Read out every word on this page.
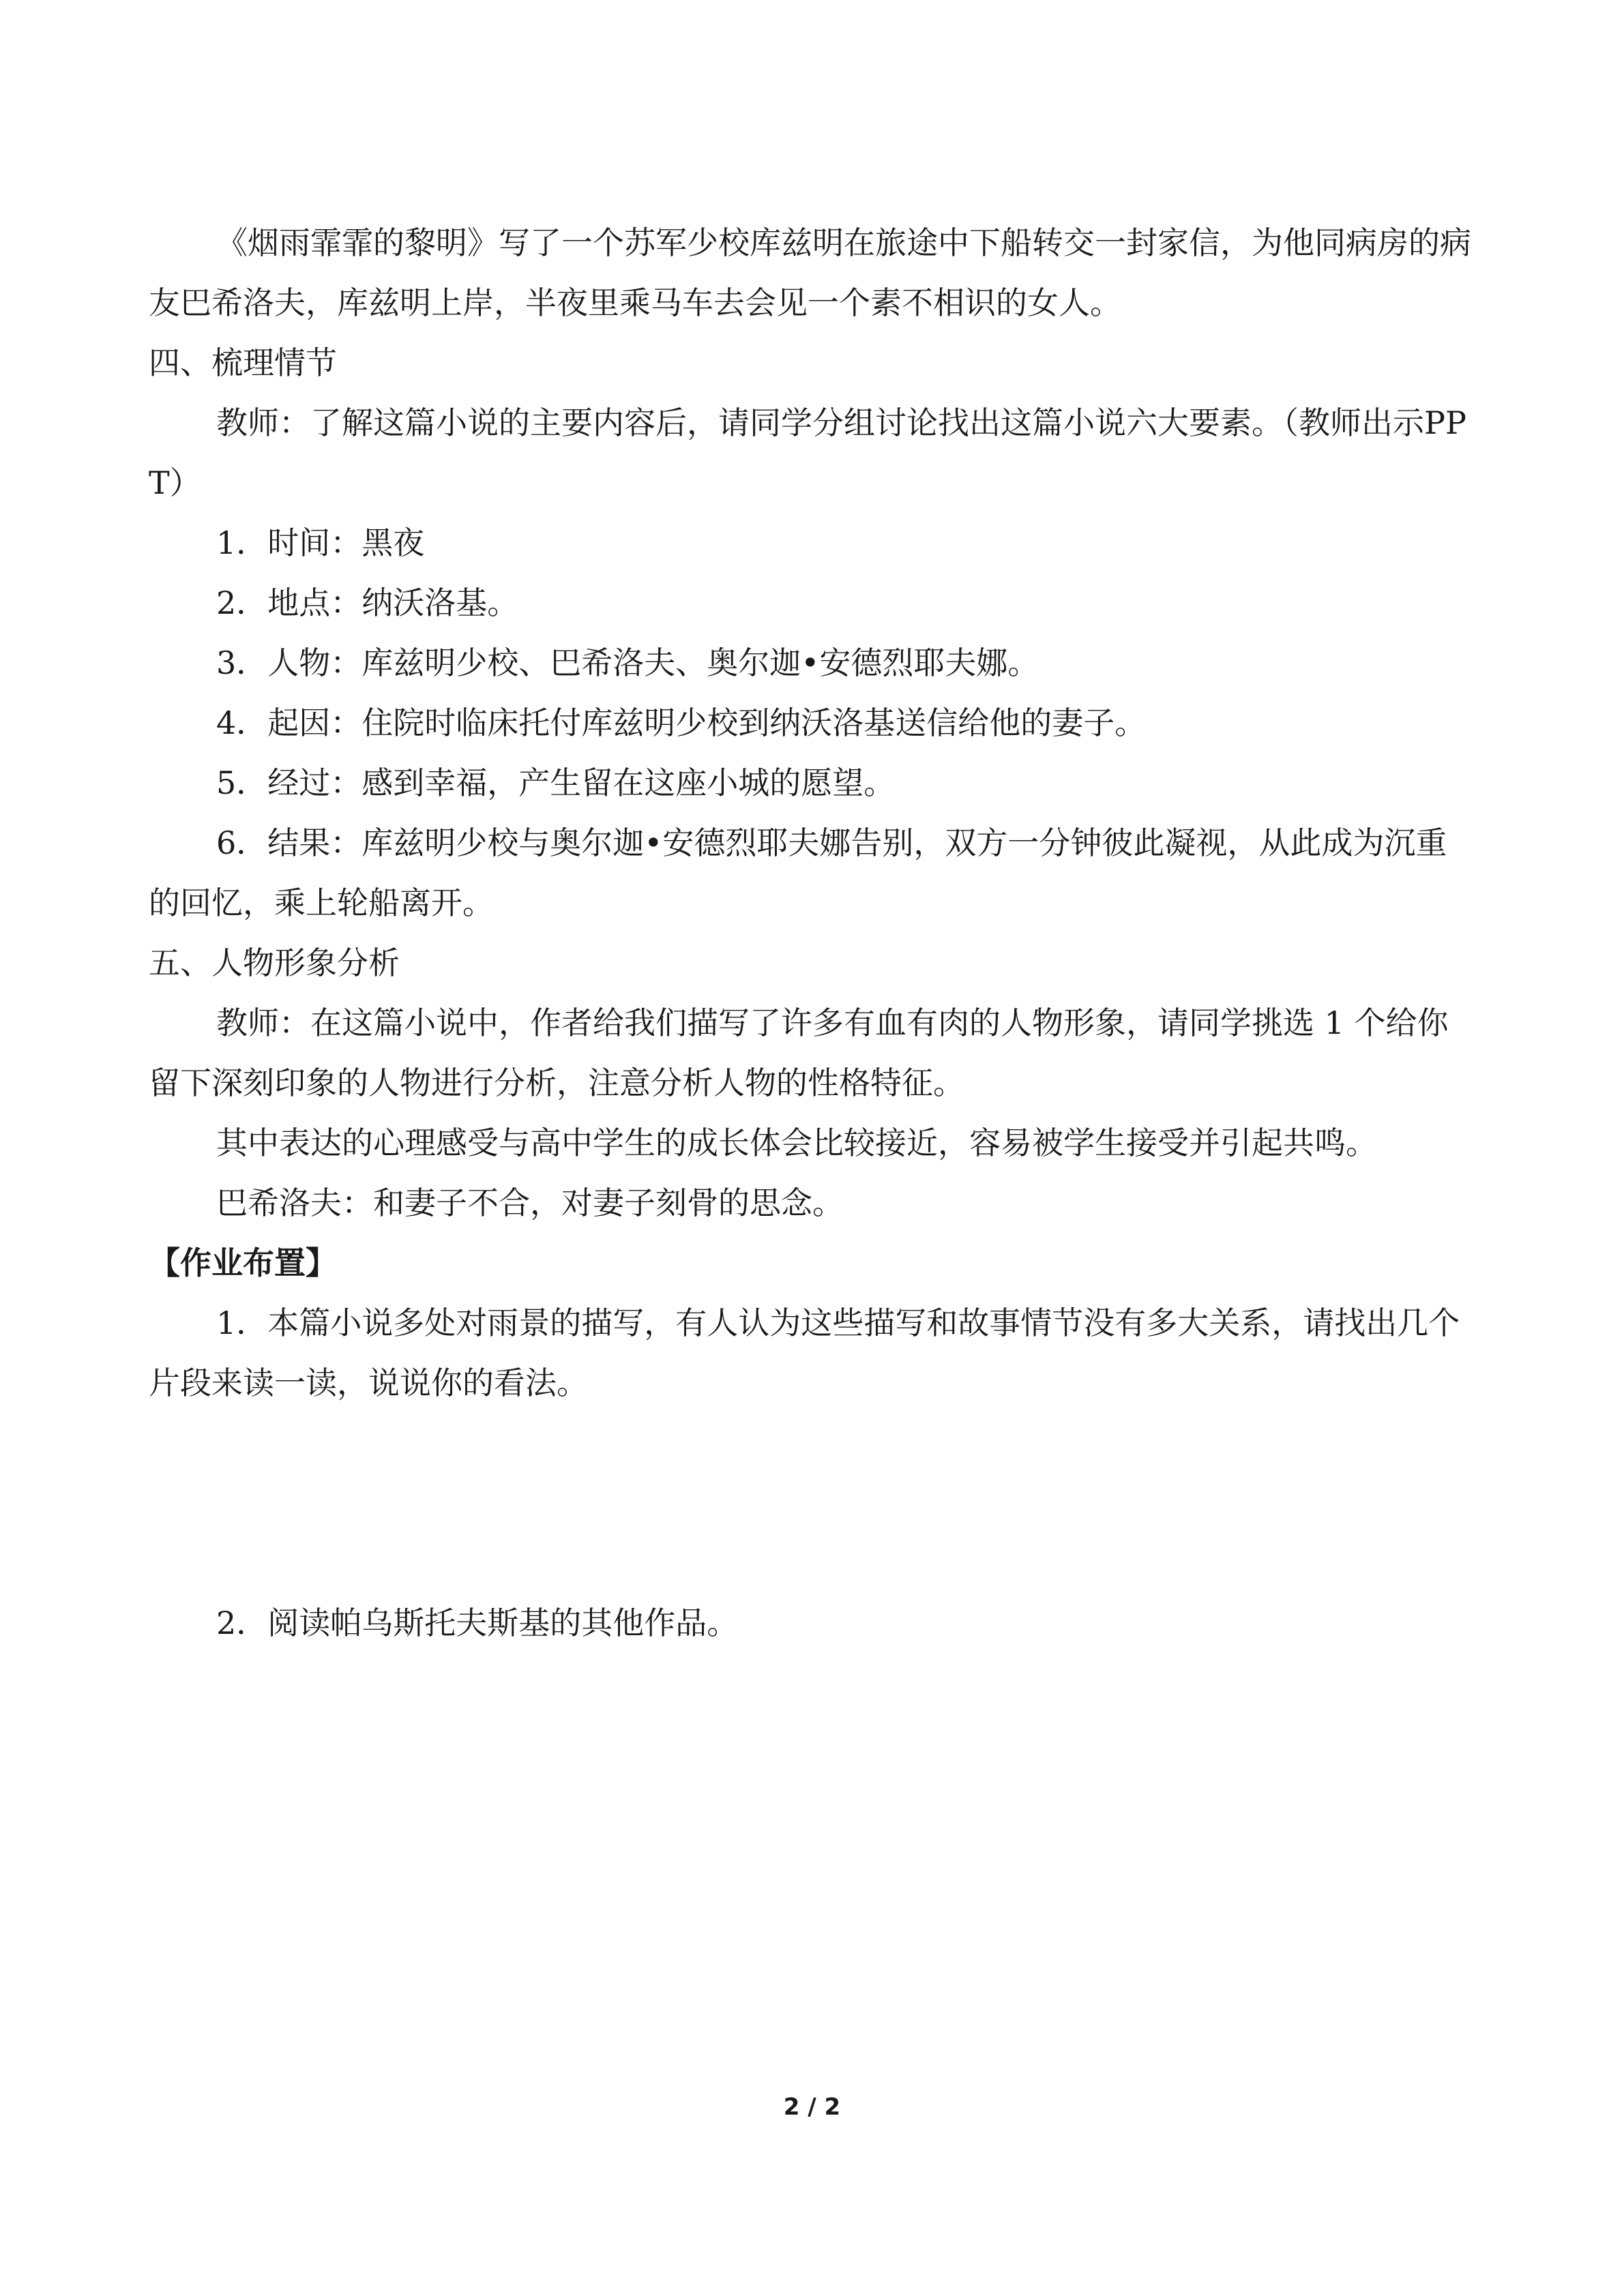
《烟雨霏霏的黎明》写了一个苏军少校库兹明在旅途中下船转交一封家信，为他同病房的病友巴希洛夫，库兹明上岸，半夜里乘马车去会见一个素不相识的女人。

四、梳理情节

教师：了解这篇小说的主要内容后，请同学分组讨论找出这篇小说六大要素。（教师出示PPT）

1．时间：黑夜

2．地点：纳沃洛基。

3．人物：库兹明少校、巴希洛夫、奥尔迦•安德烈耶夫娜。

4．起因：住院时临床托付库兹明少校到纳沃洛基送信给他的妻子。

5．经过：感到幸福，产生留在这座小城的愿望。

6．结果：库兹明少校与奥尔迦•安德烈耶夫娜告别，双方一分钟彼此凝视，从此成为沉重的回忆，乘上轮船离开。

五、人物形象分析

教师：在这篇小说中，作者给我们描写了许多有血有肉的人物形象，请同学挑选 1 个给你留下深刻印象的人物进行分析，注意分析人物的性格特征。

其中表达的心理感受与高中学生的成长体会比较接近，容易被学生接受并引起共鸣。

巴希洛夫：和妻子不合，对妻子刻骨的思念。

【作业布置】

1．本篇小说多处对雨景的描写，有人认为这些描写和故事情节没有多大关系，请找出几个片段来读一读，说说你的看法。

2．阅读帕乌斯托夫斯基的其他作品。

2 / 2
